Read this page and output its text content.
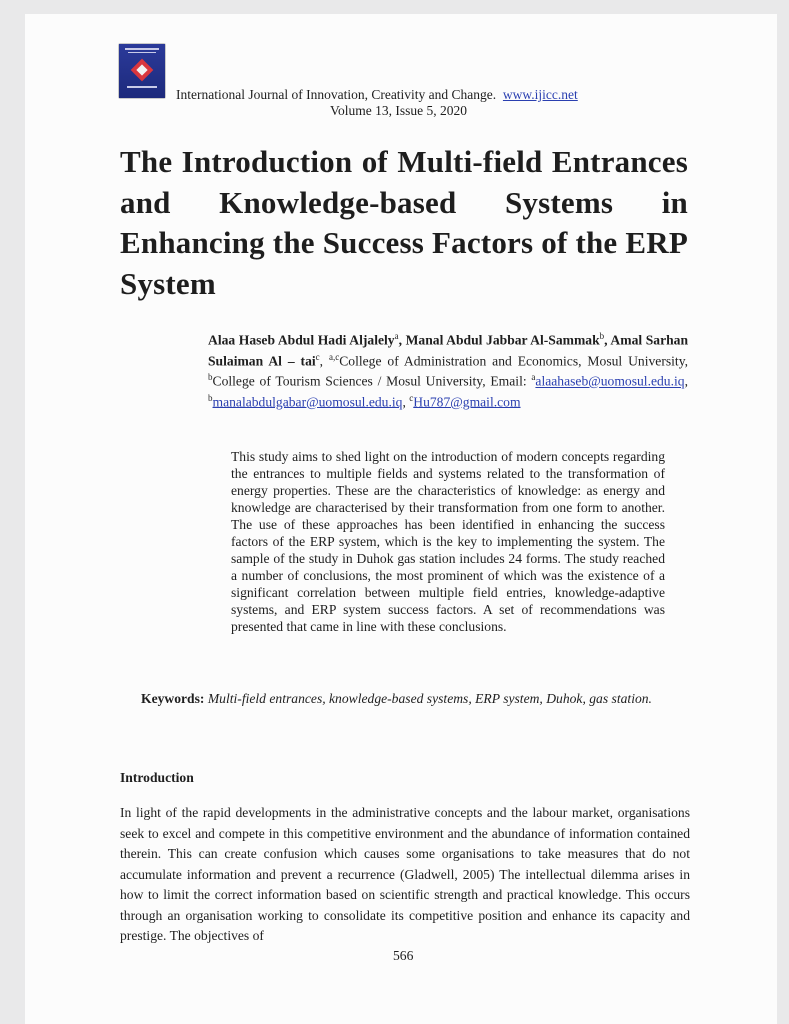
International Journal of Innovation, Creativity and Change. www.ijicc.net
Volume 13, Issue 5, 2020
The Introduction of Multi-field Entrances and Knowledge-based Systems in Enhancing the Success Factors of the ERP System
Alaa Haseb Abdul Hadi Aljalely$^a$, Manal Abdul Jabbar Al-Sammak$^b$, Amal Sarhan Sulaiman Al – tai$^c$, $^{a,c}$College of Administration and Economics, Mosul University, $^b$College of Tourism Sciences / Mosul University, Email: $^a$alaahaseb@uomosul.edu.iq, $^b$manalabdulgabar@uomosul.edu.iq, $^c$Hu787@gmail.com
This study aims to shed light on the introduction of modern concepts regarding the entrances to multiple fields and systems related to the transformation of energy properties. These are the characteristics of knowledge: as energy and knowledge are characterised by their transformation from one form to another. The use of these approaches has been identified in enhancing the success factors of the ERP system, which is the key to implementing the system. The sample of the study in Duhok gas station includes 24 forms. The study reached a number of conclusions, the most prominent of which was the existence of a significant correlation between multiple field entries, knowledge-adaptive systems, and ERP system success factors. A set of recommendations was presented that came in line with these conclusions.
Keywords: Multi-field entrances, knowledge-based systems, ERP system, Duhok, gas station.
Introduction
In light of the rapid developments in the administrative concepts and the labour market, organisations seek to excel and compete in this competitive environment and the abundance of information contained therein. This can create confusion which causes some organisations to take measures that do not accumulate information and prevent a recurrence (Gladwell, 2005) The intellectual dilemma arises in how to limit the correct information based on scientific strength and practical knowledge. This occurs through an organisation working to consolidate its competitive position and enhance its capacity and prestige. The objectives of
566
